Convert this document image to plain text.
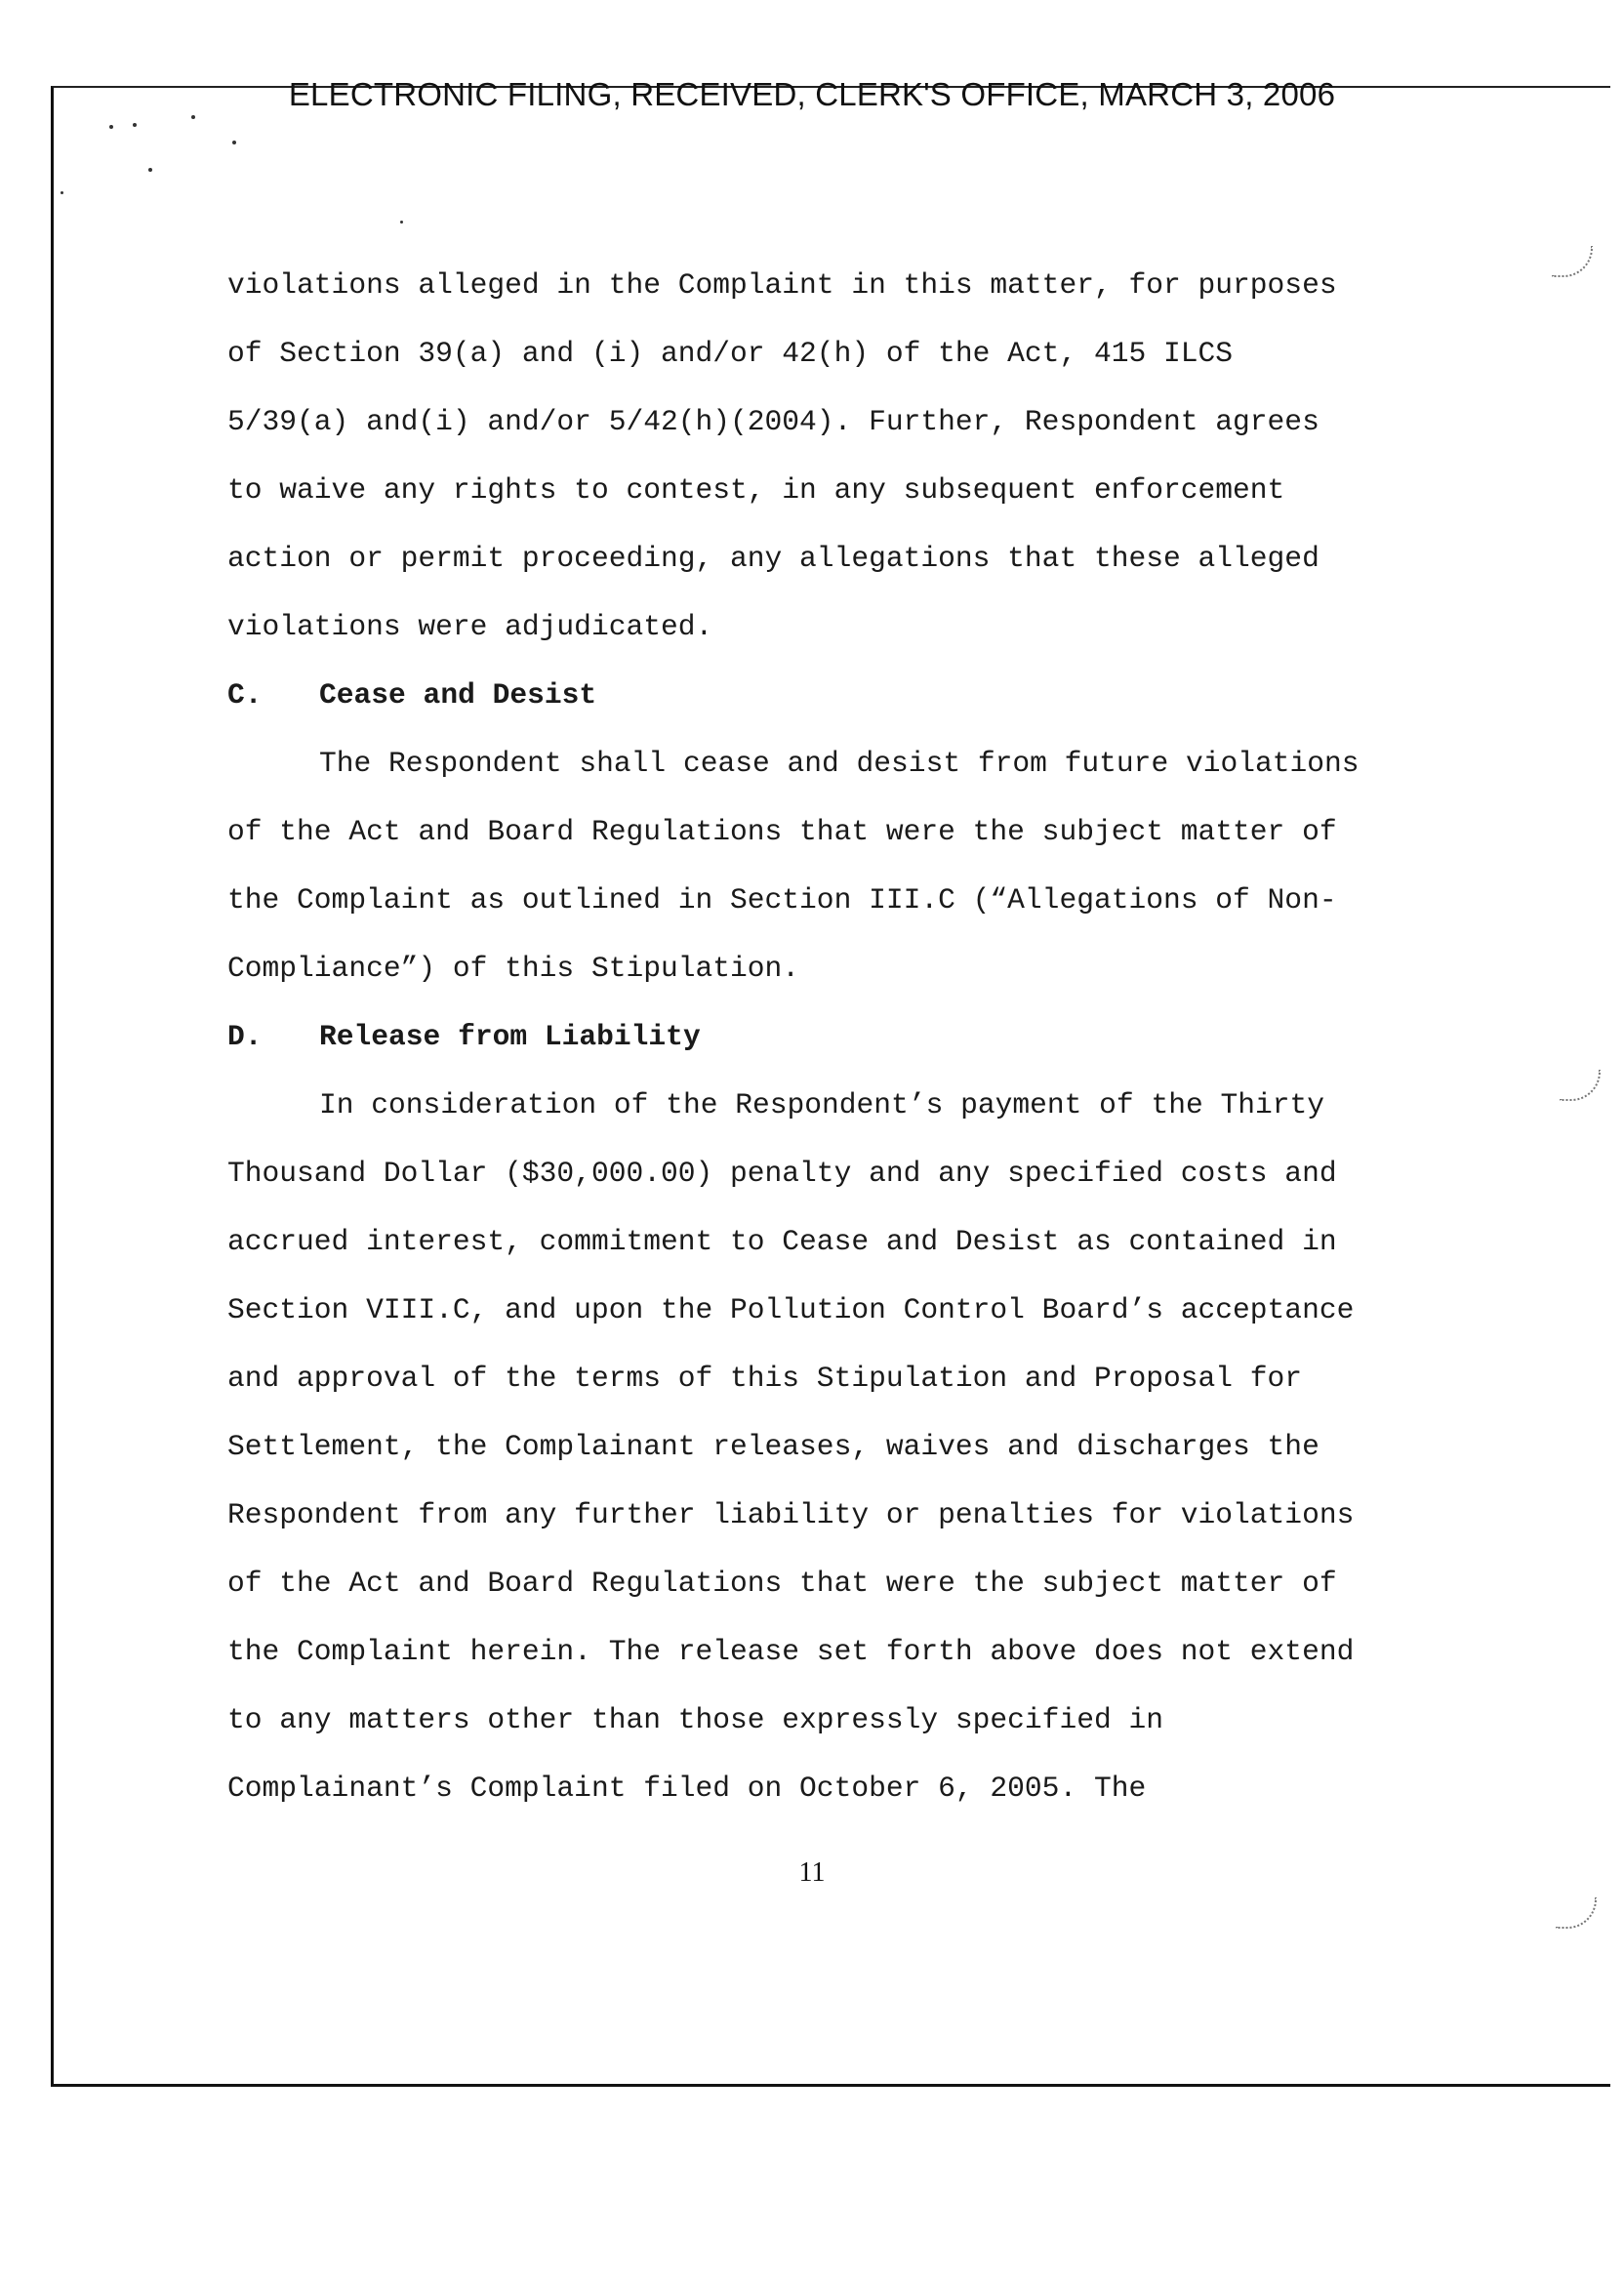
ELECTRONIC FILING, RECEIVED, CLERK'S OFFICE, MARCH 3, 2006
violations alleged in the Complaint in this matter, for purposes
of Section 39(a) and (i) and/or 42(h) of the Act, 415 ILCS
5/39(a) and(i) and/or 5/42(h)(2004). Further, Respondent agrees
to waive any rights to contest, in any subsequent enforcement
action or permit proceeding, any allegations that these alleged
violations were adjudicated.
C. Cease and Desist
The Respondent shall cease and desist from future violations
of the Act and Board Regulations that were the subject matter of
the Complaint as outlined in Section III.C (“Allegations of Non-
Compliance”) of this Stipulation.
D. Release from Liability
In consideration of the Respondent’s payment of the Thirty
Thousand Dollar ($30,000.00) penalty and any specified costs and
accrued interest, commitment to Cease and Desist as contained in
Section VIII.C, and upon the Pollution Control Board’s acceptance
and approval of the terms of this Stipulation and Proposal for
Settlement, the Complainant releases, waives and discharges the
Respondent from any further liability or penalties for violations
of the Act and Board Regulations that were the subject matter of
the Complaint herein. The release set forth above does not extend
to any matters other than those expressly specified in
Complainant’s Complaint filed on October 6, 2005. The
11
